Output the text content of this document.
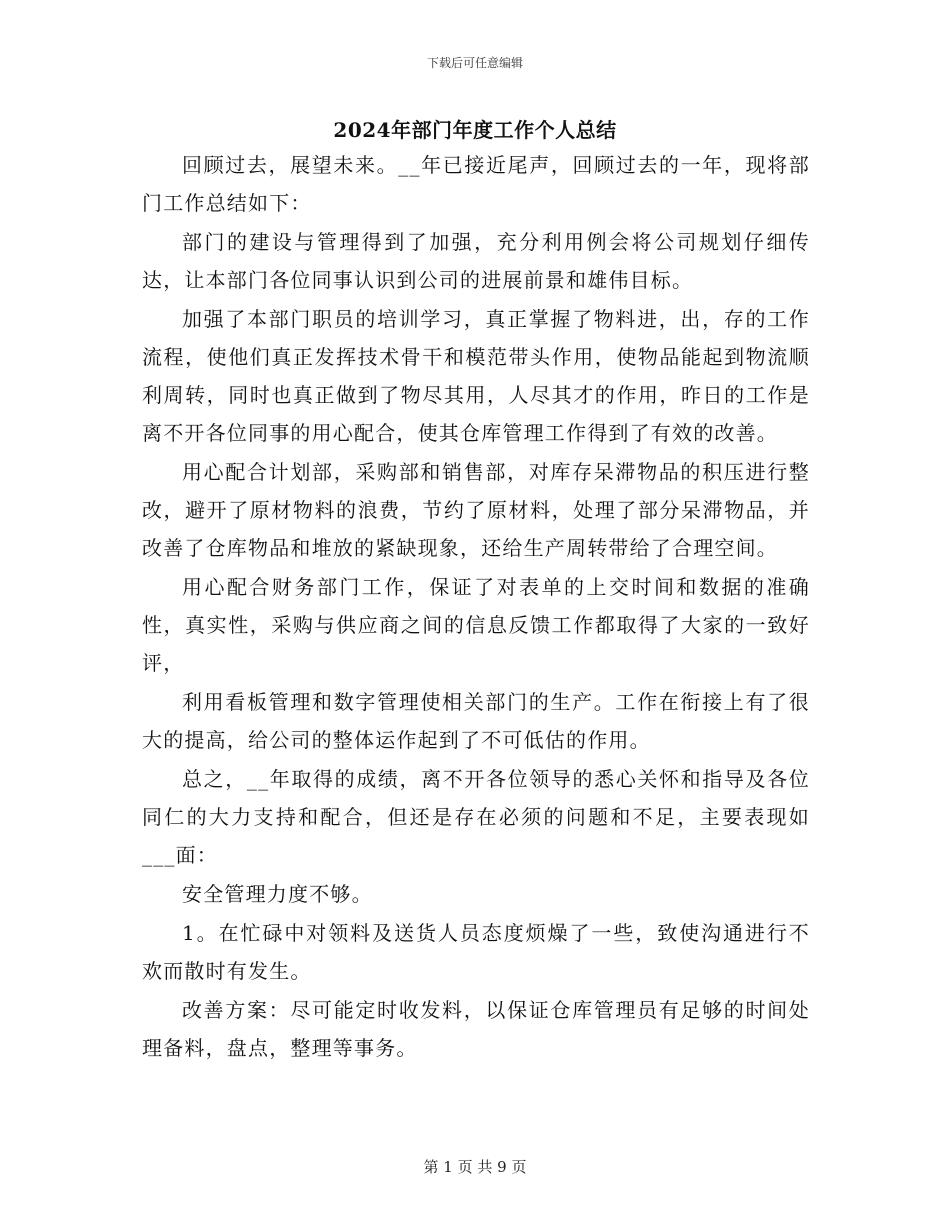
下载后可任意编辑
2024年部门年度工作个人总结

回顾过去，展望未来。__年已接近尾声，回顾过去的一年，现将部门工作总结如下：

部门的建设与管理得到了加强，充分利用例会将公司规划仔细传达，让本部门各位同事认识到公司的进展前景和雄伟目标。

加强了本部门职员的培训学习，真正掌握了物料进，出，存的工作流程，使他们真正发挥技术骨干和模范带头作用，使物品能起到物流顺利周转，同时也真正做到了物尽其用，人尽其才的作用，昨日的工作是离不开各位同事的用心配合，使其仓库管理工作得到了有效的改善。

用心配合计划部，采购部和销售部，对库存呆滞物品的积压进行整改，避开了原材物料的浪费，节约了原材料，处理了部分呆滞物品，并改善了仓库物品和堆放的紧缺现象，还给生产周转带给了合理空间。

用心配合财务部门工作，保证了对表单的上交时间和数据的准确性，真实性，采购与供应商之间的信息反馈工作都取得了大家的一致好评，

利用看板管理和数字管理使相关部门的生产。工作在衔接上有了很大的提高，给公司的整体运作起到了不可低估的作用。

总之，__年取得的成绩，离不开各位领导的悉心关怀和指导及各位同仁的大力支持和配合，但还是存在必须的问题和不足，主要表现如___面：

安全管理力度不够。

1。在忙碌中对领料及送货人员态度烦燥了一些，致使沟通进行不欢而散时有发生。

改善方案：尽可能定时收发料，以保证仓库管理员有足够的时间处理备料，盘点，整理等事务。

第 1 页 共 9 页
